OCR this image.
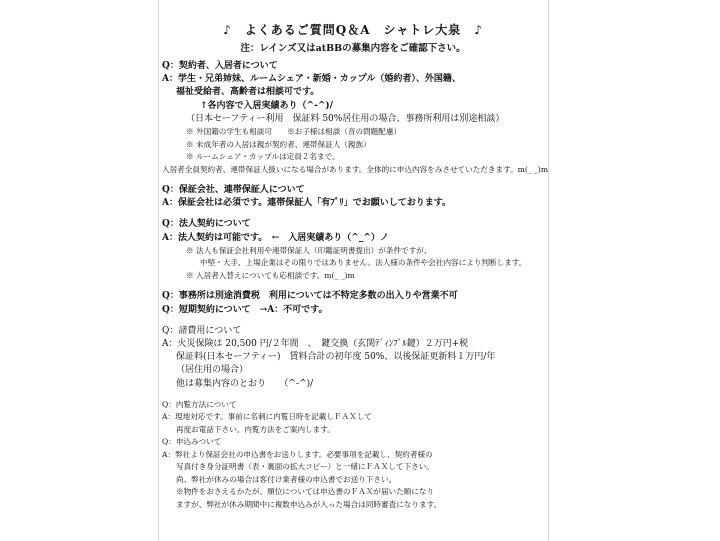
♪　よくあるご質問Q＆A　シャトレ大泉　♪
注：レインズ又はatBBの募集内容をご確認下さい。
Q：契約者、入居者について
A：学生・兄弟姉妹、ルームシェア・新婚・カップル（婚約者）、外国籍、
福祉受給者、高齢者は相談可です。
↑各内容で入居実績あり（^-^)/
（日本セーフティー利用　保証料 50%居住用の場合、事務所利用は別途相談）
※ 外国籍の学生も相談可　　※お子様は相談（音の問題配慮）
※ 未成年者の入居は親が契約者、連帯保証人（親族）
※ ルームシェア・カップルは定員２名まで。
入居者全員契約者、連帯保証人扱いになる場合があります。全体的に申込内容をみさせていただきます。m(_ _)m
Q：保証会社、連帯保証人について
A：保証会社は必須です。連帯保証人「有ﾌﾟﾘ」でお願いしております。
Q：法人契約について
A：法人契約は可能です。　←　入居実績あり（^_^）ノ
※ 法人も保証会社利用や連帯保証人（印鑑証明書提出）が条件ですが、
中堅・大手、上場企業はその限りではありません。法人様の条件や会社内容により判断します。
※ 入居者入替えについても応相談です。m(_ _)m
Q：事務所は別途消費税　利用については不特定多数の出入りや営業不可
Q：短期契約について　→A：不可です。
Q：諸費用について
A：火災保険は 20,500 円/２年間　、　鍵交換（玄関ﾃﾞｨﾝﾌﾟﾙ鍵）２万円+税
保証料(日本セーフティー)　賃料合計の初年度 50%、以後保証更新料１万円/年
（居住用の場合）
他は募集内容のとおり　　（^-^)/
Q：内覧方法について
A：現地対応です。事前に名刺に内覧日時を記載しＦＡＸして
再度お電話下さい。内覧方法をご案内します。
Q：申込みついて
A：弊社より保証会社の申込書をお送りします。必要事項を記載し、契約者様の
写真付き身分証明書（表・裏面の拡大コピー）と一緒にＦＡＸして下さい。
尚、弊社が休みの場合は客付け業者様の申込書でお送り下さい。
※物件をおさえるかたが、順位については申込書のＦＡＸが届いた順になり
ますが、弊社が休み期間中に複数申込みが入った場合は同時審査になります。
